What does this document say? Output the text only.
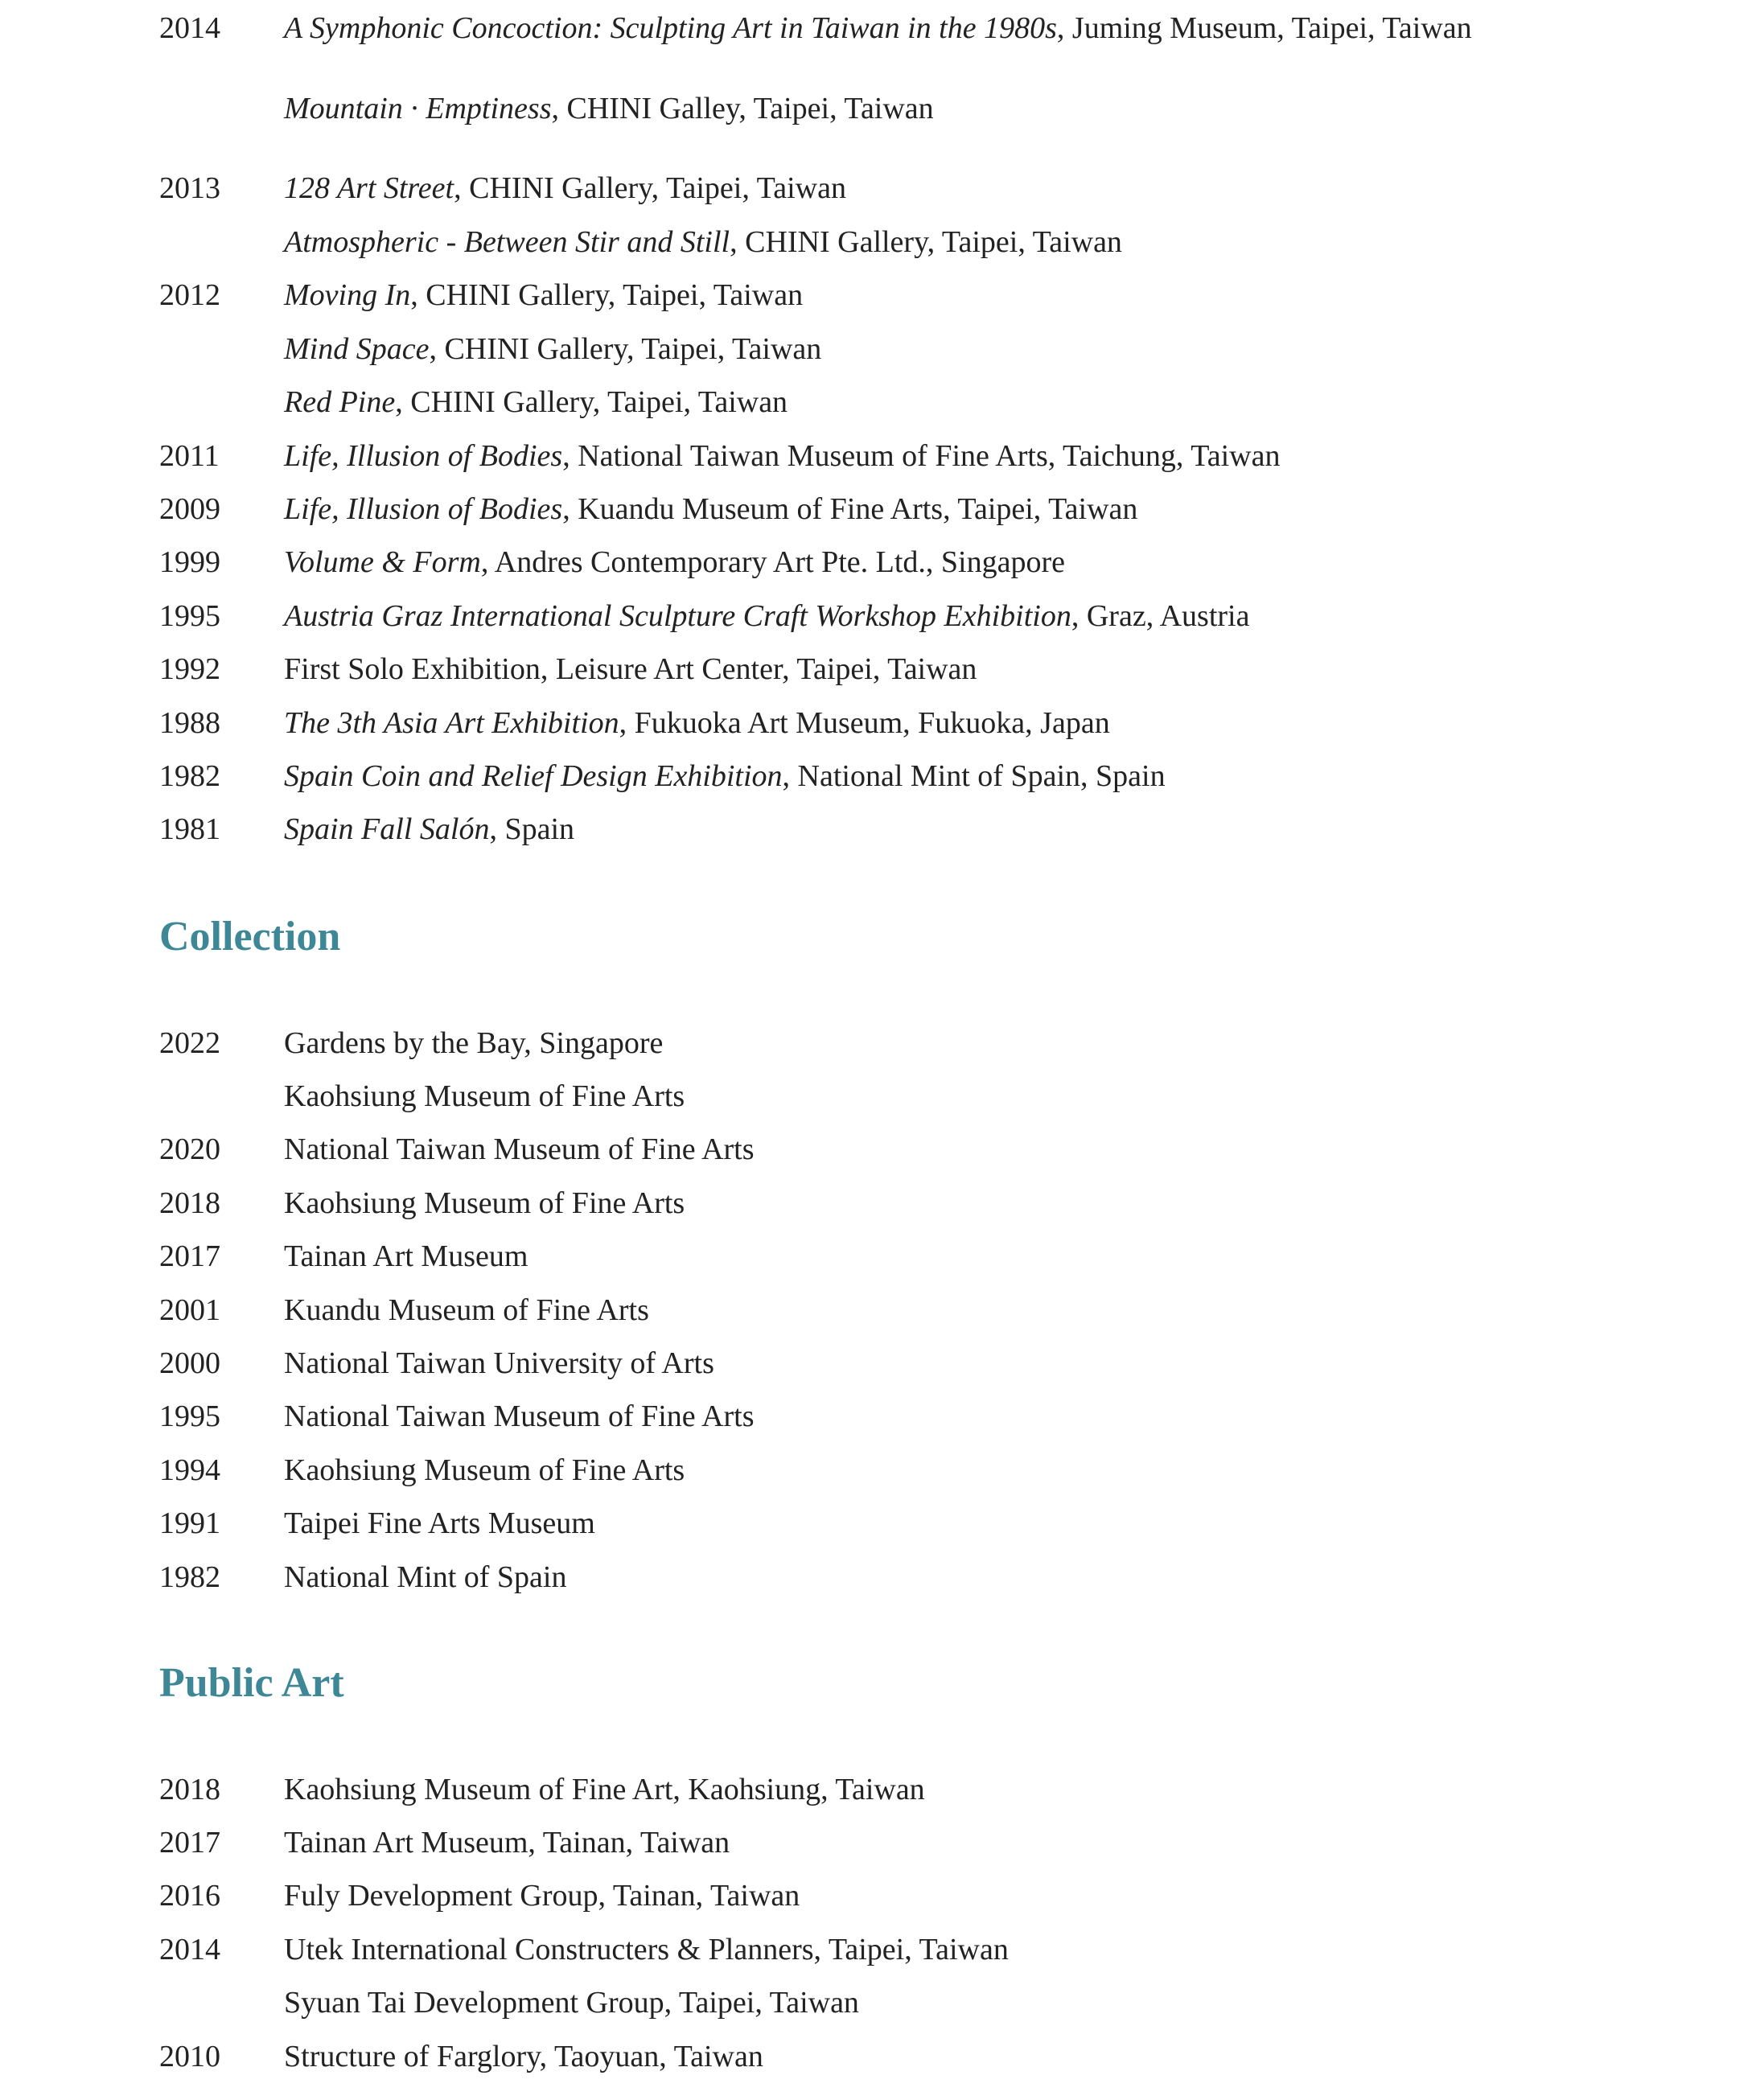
2014 A Symphonic Concoction: Sculpting Art in Taiwan in the 1980s, Juming Museum, Taipei, Taiwan
Mountain · Emptiness, CHINI Galley, Taipei, Taiwan
2013 128 Art Street, CHINI Gallery, Taipei, Taiwan
Atmospheric - Between Stir and Still, CHINI Gallery, Taipei, Taiwan
2012 Moving In, CHINI Gallery, Taipei, Taiwan
Mind Space, CHINI Gallery, Taipei, Taiwan
Red Pine, CHINI Gallery, Taipei, Taiwan
2011 Life, Illusion of Bodies, National Taiwan Museum of Fine Arts, Taichung, Taiwan
2009 Life, Illusion of Bodies, Kuandu Museum of Fine Arts, Taipei, Taiwan
1999 Volume & Form, Andres Contemporary Art Pte. Ltd., Singapore
1995 Austria Graz International Sculpture Craft Workshop Exhibition, Graz, Austria
1992 First Solo Exhibition, Leisure Art Center, Taipei, Taiwan
1988 The 3th Asia Art Exhibition, Fukuoka Art Museum, Fukuoka, Japan
1982 Spain Coin and Relief Design Exhibition, National Mint of Spain, Spain
1981 Spain Fall Salón, Spain
Collection
2022 Gardens by the Bay, Singapore
Kaohsiung Museum of Fine Arts
2020 National Taiwan Museum of Fine Arts
2018 Kaohsiung Museum of Fine Arts
2017 Tainan Art Museum
2001 Kuandu Museum of Fine Arts
2000 National Taiwan University of Arts
1995 National Taiwan Museum of Fine Arts
1994 Kaohsiung Museum of Fine Arts
1991 Taipei Fine Arts Museum
1982 National Mint of Spain
Public Art
2018 Kaohsiung Museum of Fine Art, Kaohsiung, Taiwan
2017 Tainan Art Museum, Tainan, Taiwan
2016 Fuly Development Group, Tainan, Taiwan
2014 Utek International Constructers & Planners, Taipei, Taiwan
Syuan Tai Development Group, Taipei, Taiwan
2010 Structure of Farglory, Taoyuan, Taiwan
